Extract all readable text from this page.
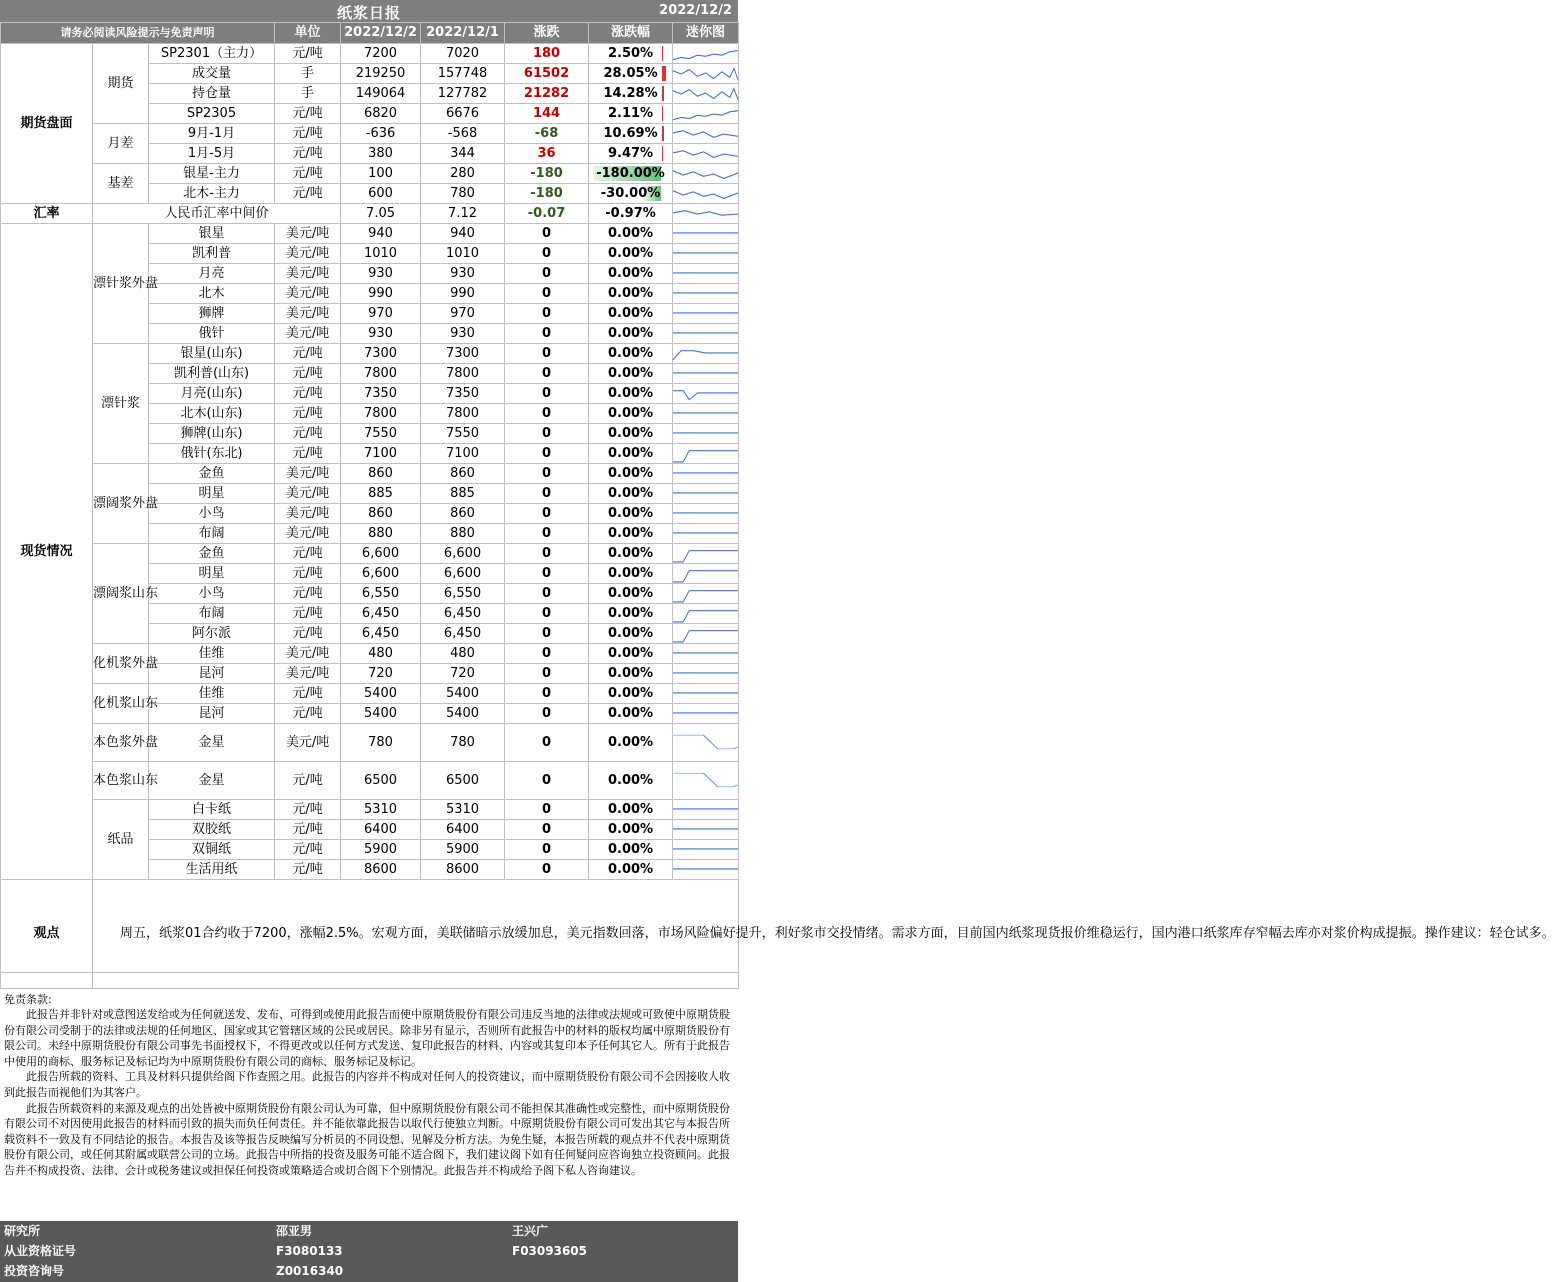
纸浆日报	2022/12/2
请务必阅读风险提示与免责声明			单位	2022/12/2	2022/12/1	涨跌	涨跌幅	迷你图
期货盘面	期货	SP2301（主力）	元/吨	7200	7020	180	2.50%	

		成交量	手	219250	157748	61502	28.05%	

		持仓量	手	149064	127782	21282	14.28%	

		SP2305	元/吨	6820	6676	144	2.11%	

	月差	9月-1月	元/吨	-636	-568	-68	10.69%	

		1月-5月	元/吨	380	344	36	9.47%	

	基差	银星-主力	元/吨	100	280	-180	-180.00%	

		北木-主力	元/吨	600	780	-180	-30.00%	

汇率	人民币汇率中间价			7.05	7.12	-0.07	-0.97%	

现货情况	漂针浆外盘	银星	美元/吨	940	940	0	0.00%	

		凯利普	美元/吨	1010	1010	0	0.00%	

		月亮	美元/吨	930	930	0	0.00%	

		北木	美元/吨	990	990	0	0.00%	

		狮牌	美元/吨	970	970	0	0.00%	

		俄针	美元/吨	930	930	0	0.00%	

	漂针浆	银星(山东)	元/吨	7300	7300	0	0.00%	

		凯利普(山东)	元/吨	7800	7800	0	0.00%	

		月亮(山东)	元/吨	7350	7350	0	0.00%	

		北木(山东)	元/吨	7800	7800	0	0.00%	

		狮牌(山东)	元/吨	7550	7550	0	0.00%	

		俄针(东北)	元/吨	7100	7100	0	0.00%	

	漂阔浆外盘	金鱼	美元/吨	860	860	0	0.00%	

		明星	美元/吨	885	885	0	0.00%	

		小鸟	美元/吨	860	860	0	0.00%	

		布阔	美元/吨	880	880	0	0.00%	

	漂阔浆山东	金鱼	元/吨	6,600	6,600	0	0.00%	

		明星	元/吨	6,600	6,600	0	0.00%	

		小鸟	元/吨	6,550	6,550	0	0.00%	

		布阔	元/吨	6,450	6,450	0	0.00%	

		阿尔派	元/吨	6,450	6,450	0	0.00%	

	化机浆外盘	佳维	美元/吨	480	480	0	0.00%	

		昆河	美元/吨	720	720	0	0.00%	

	化机浆山东	佳维	元/吨	5400	5400	0	0.00%	

		昆河	元/吨	5400	5400	0	0.00%	

	本色浆外盘	金星	美元/吨	780	780	0	0.00%	

	本色浆山东	金星	元/吨	6500	6500	0	0.00%	

	纸品	白卡纸	元/吨	5310	5310	0	0.00%	

		双胶纸	元/吨	6400	6400	0	0.00%	

		双铜纸	元/吨	5900	5900	0	0.00%	

		生活用纸	元/吨	8600	8600	0	0.00%	

观点	周五，纸浆01合约收于7200，涨幅2.5%。宏观方面，美联储暗示放缓加息，美元指数回落，市场风险偏好提升，利好浆市交投情绪。需求方面，目前国内纸浆现货报价维稳运行，国内港口纸浆库存窄幅去库亦对浆价构成提振。操作建议：轻仓试多。							
免责条款:

此报告并非针对或意图送发给或为任何就送发、发布、可得到或使用此报告而使中原期货股份有限公司违反当地的法律或法规或可致使中原期货股份有限公司受制于的法律或法规的任何地区、国家或其它管辖区域的公民或居民。除非另有显示，否则所有此报告中的材料的版权均属中原期货股份有限公司。未经中原期货股份有限公司事先书面授权下，不得更改或以任何方式发送、复印此报告的材料、内容或其复印本予任何其它人。所有于此报告中使用的商标、服务标记及标记均为中原期货股份有限公司的商标、服务标记及标记。

此报告所载的资料、工具及材料只提供给阁下作查照之用。此报告的内容并不构成对任何人的投资建议，而中原期货股份有限公司不会因接收人收到此报告而视他们为其客户。

此报告所载资料的来源及观点的出处皆被中原期货股份有限公司认为可靠，但中原期货股份有限公司不能担保其准确性或完整性，而中原期货股份有限公司不对因使用此报告的材料而引致的损失而负任何责任。并不能依靠此报告以取代行使独立判断。中原期货股份有限公司可发出其它与本报告所载资料不一致及有不同结论的报告。本报告及该等报告反映编写分析员的不同设想、见解及分析方法。为免生疑，本报告所载的观点并不代表中原期货股份有限公司，或任何其附属或联营公司的立场。此报告中所指的投资及服务可能不适合阁下，我们建议阁下如有任何疑问应咨询独立投资顾问。此报告并不构成投资、法律、会计或税务建议或担保任何投资或策略适合或切合阁下个别情况。此报告并不构成给予阁下私人咨询建议。

研究所	邵亚男	王兴广
从业资格证号	F3080133	F03093605
投资咨询号	Z0016340
